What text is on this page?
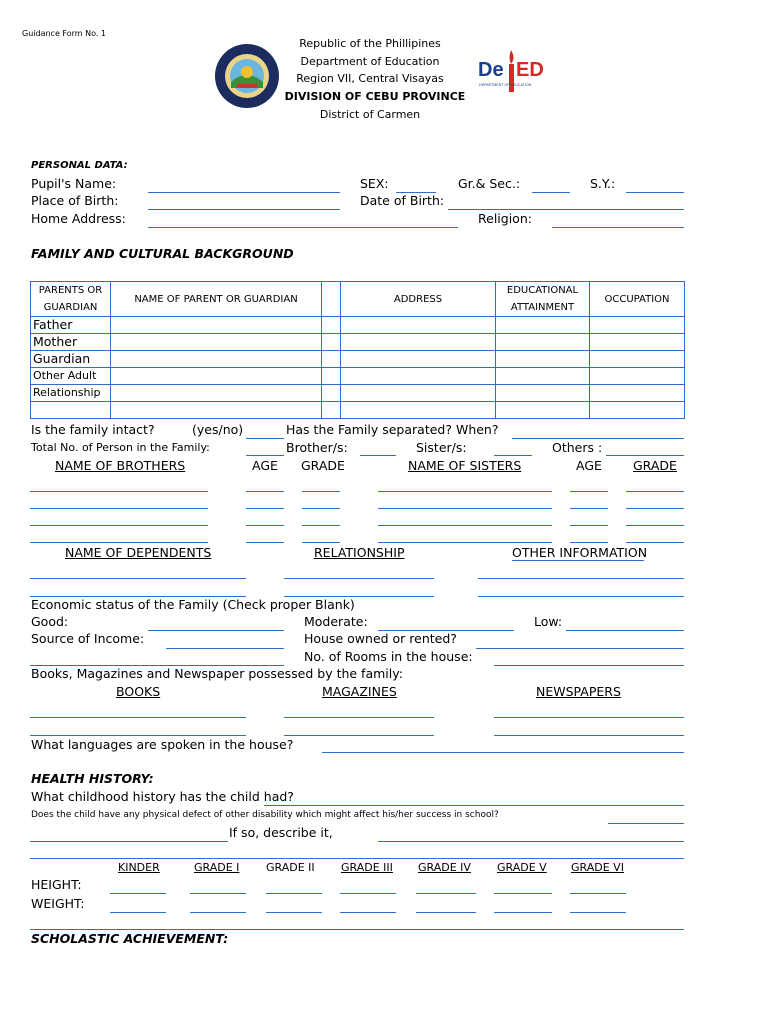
Guidance Form No. 1
Republic of the Phillipines
Department of Education
Region VII, Central Visayas
DIVISION OF CEBU PROVINCE
District of Carmen
De ED
DEPARTMENT OF EDUCATION
PERSONAL DATA:
Pupil's Name:	SEX:	Gr.& Sec.:	S.Y.:
Place of Birth:	Date of Birth:
Home Address:	Religion:
FAMILY AND CULTURAL BACKGROUND
PARENTS OR GUARDIAN	NAME OF PARENT OR GUARDIAN		ADDRESS	EDUCATIONAL ATTAINMENT	OCCUPATION
Father					
Mother					
Guardian					
Other Adult					
Relationship					

Is the family intact?	(yes/no)	Has the Family separated? When?
Total No. of Person in the Family:	Brother/s:	Sister/s:	Others :
NAME OF BROTHERS	AGE GRADE	NAME OF SISTERS	AGE GRADE
NAME OF DEPENDENTS	RELATIONSHIP	OTHER INFORMATION
Economic status of the Family (Check proper Blank)
Good:	Moderate:	Low:
Source of Income:	House owned or rented?
No. of Rooms in the house:
Books, Magazines and Newspaper possessed by the family:
BOOKS	MAGAZINES	NEWSPAPERS
What languages are spoken in the house?
HEALTH HISTORY:
What childhood history has the child had?
Does the child have any physical defect of other disability which might affect his/her success in school?
If so, describe it,
KINDER	GRADE I GRADE II GRADE III GRADE IV GRADE V GRADE VI
HEIGHT:
WEIGHT:
SCHOLASTIC ACHIEVEMENT:
